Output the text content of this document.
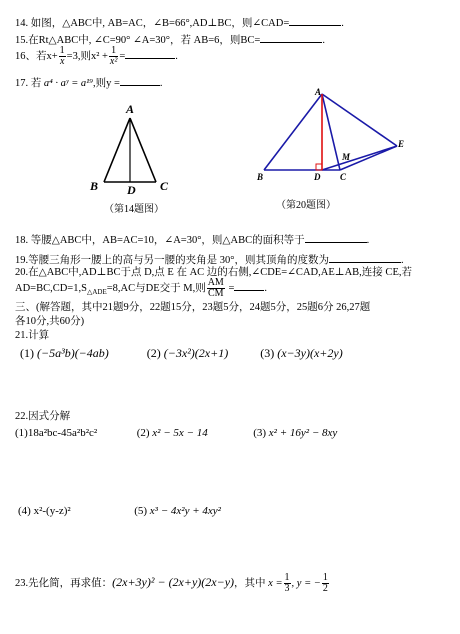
14. 如图，△ABC中, AB=AC，∠B=66°,AD⊥BC，则∠CAD=	.
15.在Rt△ABC中, ∠C=90° ∠A=30°，若 AB=6，则BC=	.
16、若$x+ \frac{1}{x} =3$,则$x^2 + \frac{1}{\text{x²}}$ =	.
17. 若 a⁴ · aʸ = a¹⁹,则y =	.
A
B D C
（第14题图）
A
B	D C
M
E
（第20题图）
18. 等腰△ABC中，AB=AC=10，∠A=30°，则△ABC的面积等于	.
19.等腰三角形一腰上的高与另一腰的夹角是 30°，则其顶角的度数为	.
20.在△ABC中,AD⊥BC于点 D,点 E 在 AC 边的右侧,∠CDE=∠CAD,AE⊥AB,连接 CE,若
$AD=BC,CD=1,S_{\triangle ADE}=8,AC$与DE交于 M,则 $\frac{AM}{CM}$ =	.
三、(解答题，其中21题9分，22题15分，23题5分，24题5分，25题6分 26,27题
各10分,共60分)
21.计算
(1) (−5a³b)(−4ab)	(2) (−3x²)(2x+1)	(3) (x−3y)(x+2y)
22.因式分解
(1)18a²bc-45a²b²c²	(2) x² − 5x − 14	(3) x² + 16y² − 8xy
(4) x²-(y-z)²	(5) x³ − 4x²y + 4xy²
23.先化简，再求值：(2x+3y)² − (2x+y)(2x−y)，其中 $x = \frac{1}{3}$ , y = − $\frac{1}{2}$
